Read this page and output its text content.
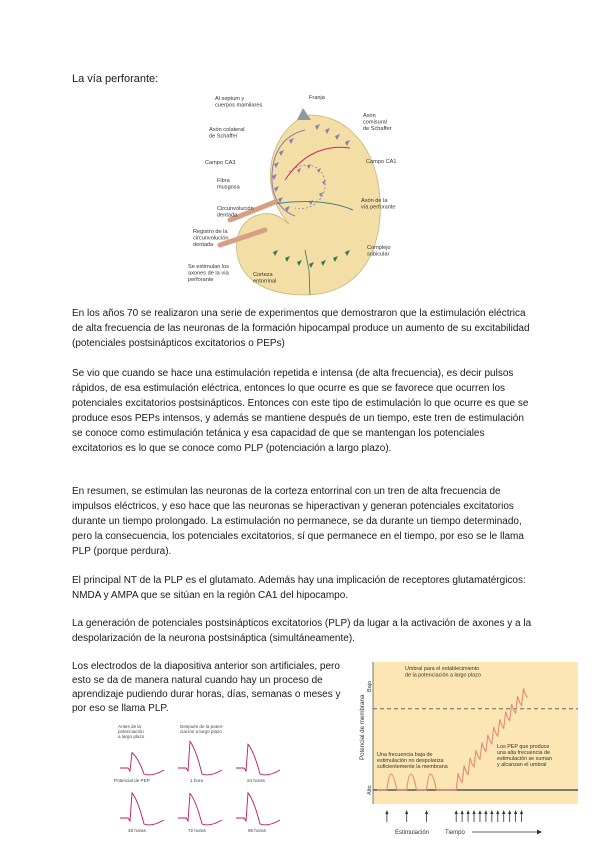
La vía perforante:
Al septum y cuerpos mamilares
Franja
Axón colateral de Schaffer
Axón comisural de Schaffer
Campo CA3	Campo CA1
Fibra musgosa
Circunvolución dentada
Axón de la vía perforante
Registro de la circunvolución dentada	Complejo subicular
Se estimulan los axones de la vía perforante
Corteza entorrinal

En los años 70 se realizaron una serie de experimentos que demostraron que la estimulación eléctrica de alta frecuencia de las neuronas de la formación hipocampal produce un aumento de su excitabilidad (potenciales postsinápticos excitatorios o PEPs)

Se vio que cuando se hace una estimulación repetida e intensa (de alta frecuencia), es decir pulsos rápidos, de esa estimulación eléctrica, entonces lo que ocurre es que se favorece que ocurren los potenciales excitatorios postsinápticos. Entonces con este tipo de estimulación lo que ocurre es que se produce esos PEPs intensos, y además se mantiene después de un tiempo, este tren de estimulación se conoce como estimulación tetánica y esa capacidad de que se mantengan los potenciales excitatorios es lo que se conoce como PLP (potenciación a largo plazo).

En resumen, se estimulan las neuronas de la corteza entorrinal con un tren de alta frecuencia de impulsos eléctricos, y eso hace que las neuronas se hiperactivan y generan potenciales excitatorios durante un tiempo prolongado. La estimulación no permanece, se da durante un tiempo determinado, pero la consecuencia, los potenciales excitatorios, sí que permanece en el tiempo, por eso se le llama PLP (porque perdura).

El principal NT de la PLP es el glutamato. Además hay una implicación de receptores glutamatérgicos: NMDA y AMPA que se sitúan en la región CA1 del hipocampo.

La generación de potenciales postsinápticos excitatorios (PLP) da lugar a la activación de axones y a la despolarización de la neurona postsináptica (simultáneamente).

Los electrodos de la diapositiva anterior son artificiales, pero esto se da de manera natural cuando hay un proceso de aprendizaje pudiendo durar horas, días, semanas o meses y por eso se llama PLP.
Antes de la potenciación a largo plazo
Después de la poten-ciación a largo plazo
Potencial de PEP	1 hora	24 horas
48 horas	72 horas	96 horas
Potencial de membrana
Bajo
Alto
Umbral para el establecimiento de la potenciación a largo plazo
Una frecuencia baja de estimulación no despolariza suficientemente la membrana
Los PEP que produce una alta frecuencia de estimulación se suman y alcanzan el umbral
Estimulación	Tiempo
